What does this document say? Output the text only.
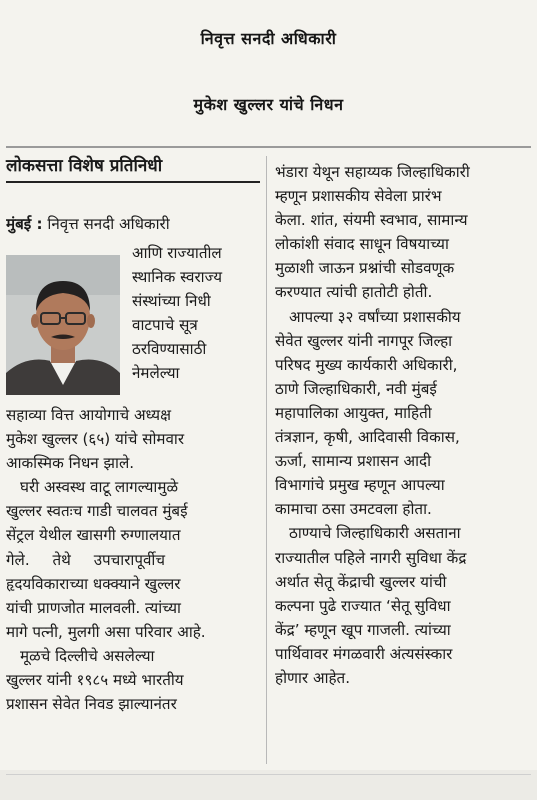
निवृत्त सनदी अधिकारी
मुकेश खुल्लर यांचे निधन
लोकसत्ता विशेष प्रतिनिधी
मुंबई : निवृत्त सनदी अधिकारी
आणि राज्यातील
स्थानिक स्वराज्य
संस्थांच्या निधी
वाटपाचे सूत्र
ठरविण्यासाठी
नेमलेल्या
सहाव्या वित्त आयोगाचे अध्यक्ष
मुकेश खुल्लर (६५) यांचे सोमवार
आकस्मिक निधन झाले.
घरी अस्वस्थ वाटू लागल्यामुळे
खुल्लर स्वतःच गाडी चालवत मुंबई
सेंट्रल येथील खासगी रुग्णालयात
गेले. तेथे उपचारापूर्वीच
हृदयविकाराच्या धक्क्याने खुल्लर
यांची प्राणजोत मालवली. त्यांच्या
मागे पत्नी, मुलगी असा परिवार आहे.
मूळचे दिल्लीचे असलेल्या
खुल्लर यांनी १९८५ मध्ये भारतीय
प्रशासन सेवेत निवड झाल्यानंतर
भंडारा येथून सहाय्यक जिल्हाधिकारी
म्हणून प्रशासकीय सेवेला प्रारंभ
केला. शांत, संयमी स्वभाव, सामान्य
लोकांशी संवाद साधून विषयाच्या
मुळाशी जाऊन प्रश्नांची सोडवणूक
करण्यात त्यांची हातोटी होती.
आपल्या ३२ वर्षांच्या प्रशासकीय
सेवेत खुल्लर यांनी नागपूर जिल्हा
परिषद मुख्य कार्यकारी अधिकारी,
ठाणे जिल्हाधिकारी, नवी मुंबई
महापालिका आयुक्त, माहिती
तंत्रज्ञान, कृषी, आदिवासी विकास,
ऊर्जा, सामान्य प्रशासन आदी
विभागांचे प्रमुख म्हणून आपल्या
कामाचा ठसा उमटवला होता.
ठाण्याचे जिल्हाधिकारी असताना
राज्यातील पहिले नागरी सुविधा केंद्र
अर्थात सेतू केंद्राची खुल्लर यांची
कल्पना पुढे राज्यात ‘सेतू सुविधा
केंद्र’ म्हणून खूप गाजली. त्यांच्या
पार्थिवावर मंगळवारी अंत्यसंस्कार
होणार आहेत.
